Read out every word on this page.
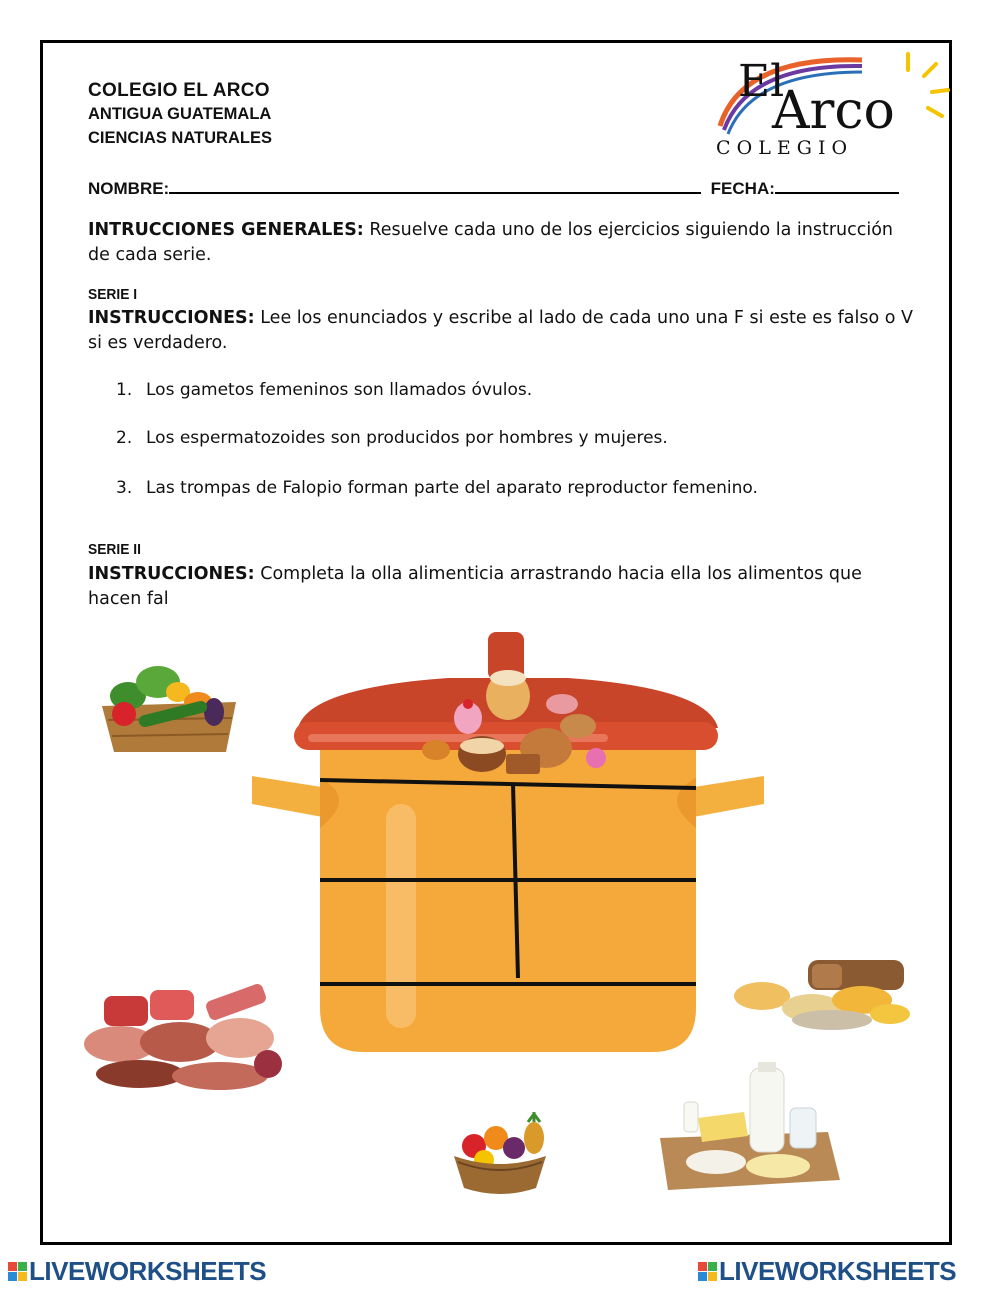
COLEGIO EL ARCO
ANTIGUA GUATEMALA
CIENCIAS NATURALES
El
Arco
C O L E G I O
NOMBRE:	FECHA:
INTRUCCIONES GENERALES: Resuelve cada uno de los ejercicios siguiendo la instrucción de cada serie.
SERIE I
INSTRUCCIONES: Lee los enunciados y escribe al lado de cada uno una F si este es falso o V si es verdadero.
1. Los gametos femeninos son llamados óvulos.
2. Los espermatozoides son producidos por hombres y mujeres.
3. Las trompas de Falopio forman parte del aparato reproductor femenino.
SERIE II
INSTRUCCIONES: Completa la olla alimenticia arrastrando hacia ella los alimentos que hacen fal
LIVEWORKSHEETS	LIVEWORKSHEETS
